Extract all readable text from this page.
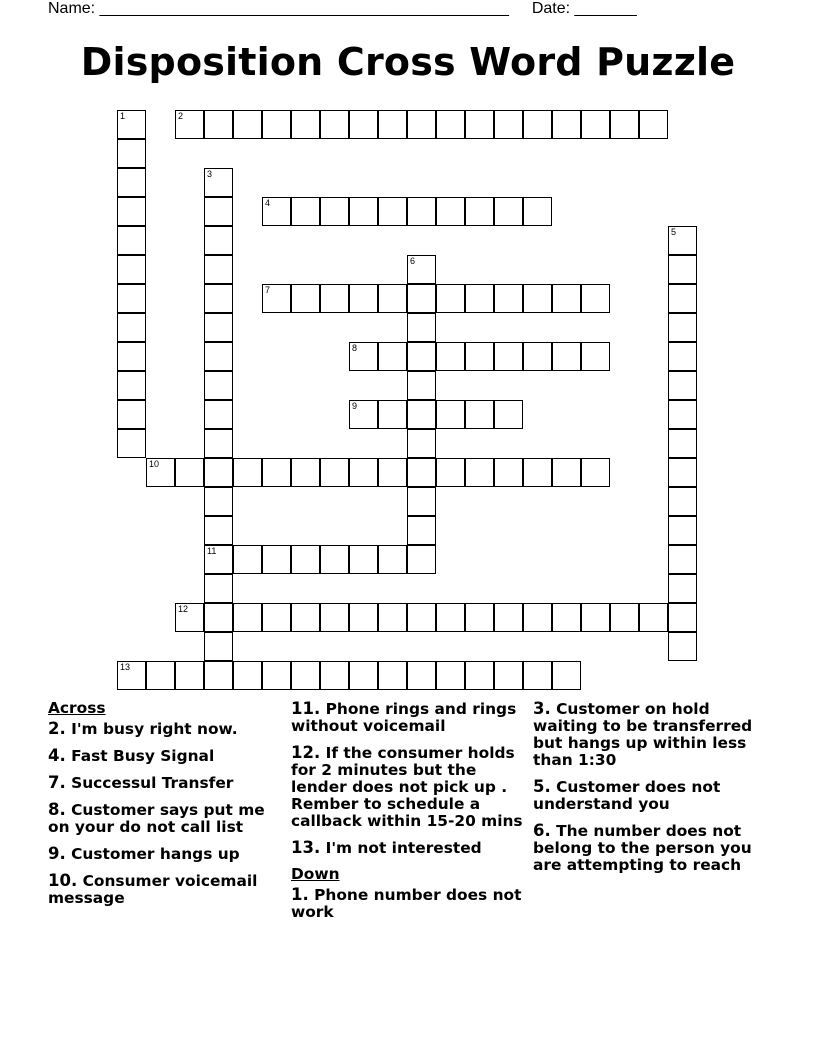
Name: ______________________________________________ Date: _______
Disposition Cross Word Puzzle
1	2
3
11
4
5
6
7
8
9
10
12
13
Across
2. I'm busy right now.
4. Fast Busy Signal
7. Successul Transfer
8. Customer says put me on your do not call list
9. Customer hangs up
10. Consumer voicemail message
11. Phone rings and rings without voicemail
12. If the consumer holds for 2 minutes but the lender does not pick up . Rember to schedule a callback within 15-20 mins
13. I'm not interested
Down
1. Phone number does not work
3. Customer on hold waiting to be transferred but hangs up within less than 1:30
5. Customer does not understand you
6. The number does not belong to the person you are attempting to reach
